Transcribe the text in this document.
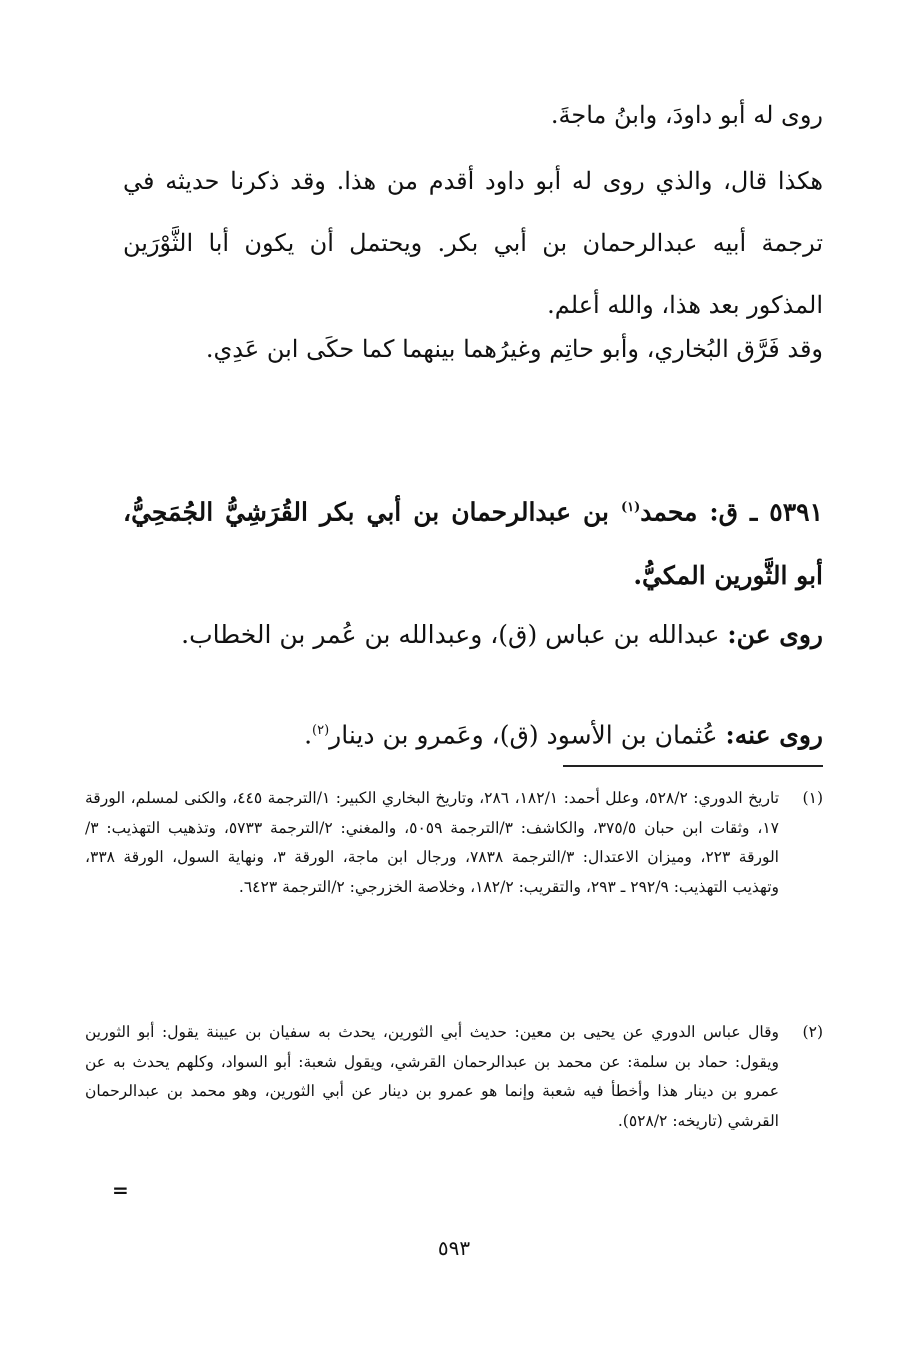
روى له أبو داودَ، وابنُ ماجةَ.
هكذا قال، والذي روى له أبو داود أقدم من هذا. وقد ذكرنا حديثه في ترجمة أبيه عبدالرحمان بن أبي بكر. ويحتمل أن يكون أبا الثَّوْرَين المذكور بعد هذا، والله أعلم.
وقد فَرَّق البُخاري، وأبو حاتِم وغيرُهما بينهما كما حكَى ابن عَدِي.
٥٣٩١ ـ ق: محمد$^{(١)}$ بن عبدالرحمان بن أبي بكر القُرَشِيُّ الجُمَحِيُّ، أبو الثَّورين المكيُّ.
روى عن: عبدالله بن عباس (ق)، وعبدالله بن عُمر بن الخطاب.
روى عنه: عُثمان بن الأسود (ق)، وعَمرو بن دينار$^{(٢)}$.
(١)
تاريخ الدوري: ٥٢٨/٢، وعلل أحمد: ١٨٢/١، ٢٨٦، وتاريخ البخاري الكبير: ١/الترجمة ٤٤٥، والكنى لمسلم، الورقة ١٧، وثقات ابن حبان ٣٧٥/٥، والكاشف: ٣/الترجمة ٥٠٥٩، والمغني: ٢/الترجمة ٥٧٣٣، وتذهيب التهذيب: ٣/الورقة ٢٢٣، وميزان الاعتدال: ٣/الترجمة ٧٨٣٨، ورجال ابن ماجة، الورقة ٣، ونهاية السول، الورقة ٣٣٨، وتهذيب التهذيب: ٢٩٢/٩ ـ ٢٩٣، والتقريب: ١٨٢/٢، وخلاصة الخزرجي: ٢/الترجمة ٦٤٢٣.
(٢)
وقال عباس الدوري عن يحيى بن معين: حديث أبي الثورين، يحدث به سفيان بن عيينة يقول: أبو الثورين ويقول: حماد بن سلمة: عن محمد بن عبدالرحمان القرشي، ويقول شعبة: أبو السواد، وكلهم يحدث به عن عمرو بن دينار هذا وأخطأ فيه شعبة وإنما هو عمرو بن دينار عن أبي الثورين، وهو محمد بن عبدالرحمان القرشي (تاريخه: ٥٢٨/٢).
=
٥٩٣
